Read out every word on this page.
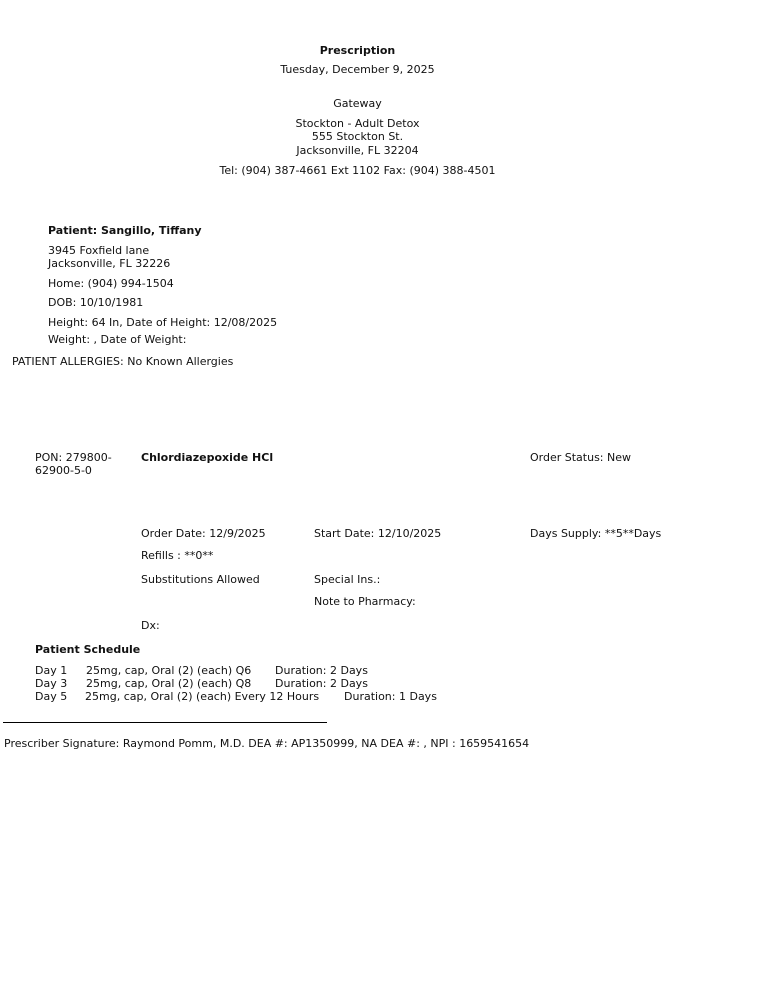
Prescription
Tuesday, December 9, 2025
Gateway
Stockton - Adult Detox
555 Stockton St.
Jacksonville, FL 32204
Tel: (904) 387-4661 Ext 1102 Fax: (904) 388-4501
Patient: Sangillo, Tiffany
3945 Foxfield lane
Jacksonville, FL 32226
Home: (904) 994-1504
DOB: 10/10/1981
Height: 64 In, Date of Height: 12/08/2025
Weight: , Date of Weight:
PATIENT ALLERGIES: No Known Allergies
PON: 279800-
62900-5-0
Chlordiazepoxide HCl	Order Status: New
Order Date: 12/9/2025	Start Date: 12/10/2025	Days Supply: **5**Days
Refills : **0**
Substitutions Allowed	Special Ins.:
Note to Pharmacy:
Dx:
Patient Schedule
Day 1 25mg, cap, Oral (2) (each) Q6 Duration: 2 Days
Day 3 25mg, cap, Oral (2) (each) Q8 Duration: 2 Days
Day 5 25mg, cap, Oral (2) (each) Every 12 Hours Duration: 1 Days
Prescriber Signature: Raymond Pomm, M.D. DEA #: AP1350999, NA DEA #: , NPI : 1659541654
